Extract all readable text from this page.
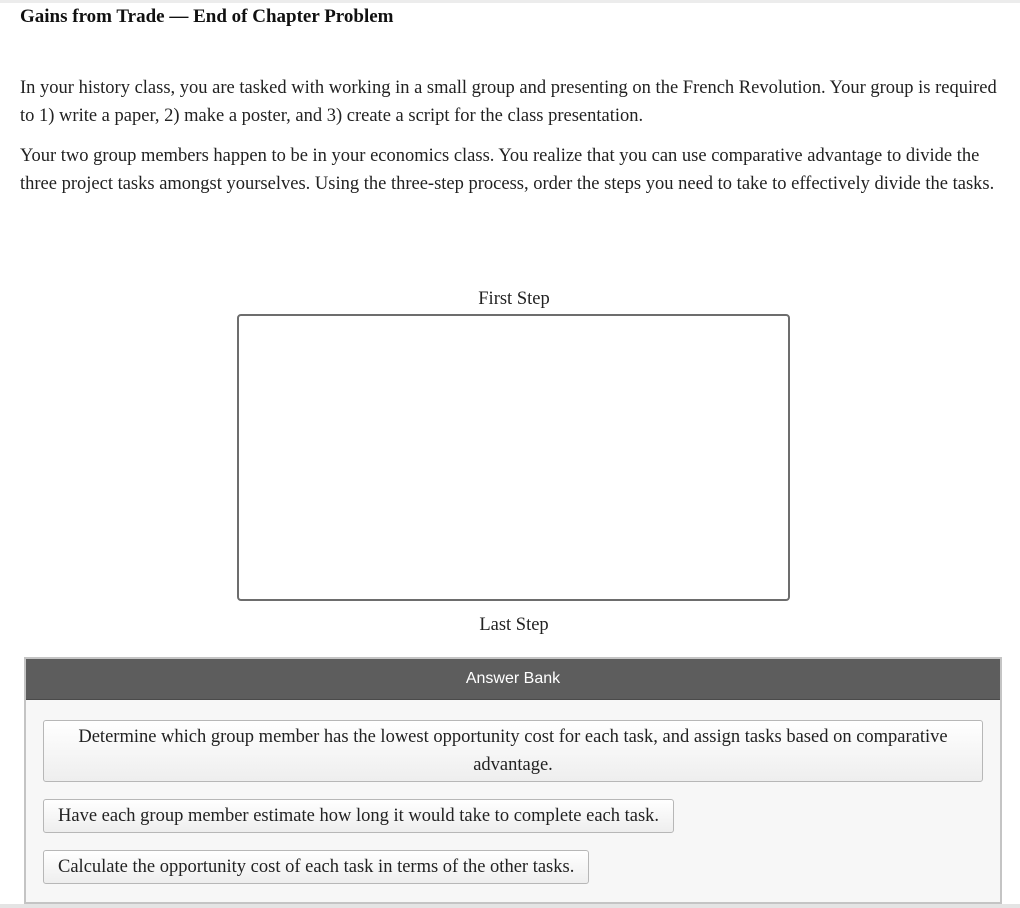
Gains from Trade — End of Chapter Problem

In your history class, you are tasked with working in a small group and presenting on the French Revolution. Your group is required to 1) write a paper, 2) make a poster, and 3) create a script for the class presentation.

Your two group members happen to be in your economics class. You realize that you can use comparative advantage to divide the three project tasks amongst yourselves. Using the three-step process, order the steps you need to take to effectively divide the tasks.

First Step
Last Step
Answer Bank
Determine which group member has the lowest opportunity cost for each task, and assign tasks based on comparative advantage.
Have each group member estimate how long it would take to complete each task.
Calculate the opportunity cost of each task in terms of the other tasks.
